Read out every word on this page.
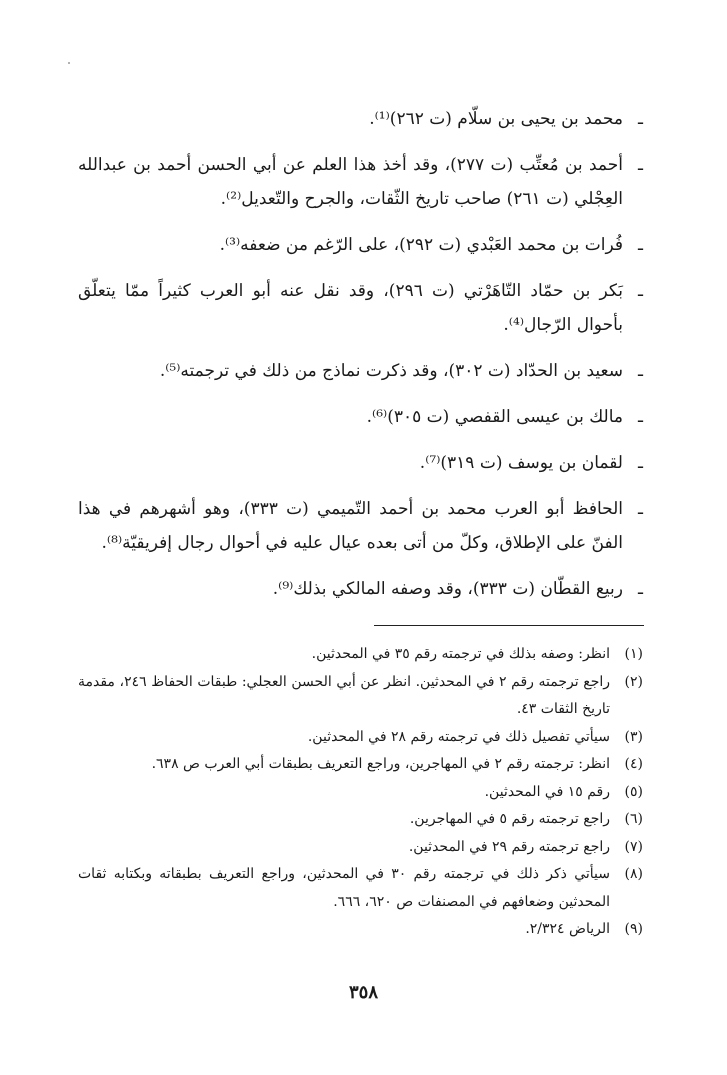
ـ
محمد بن يحيى بن سلّام (ت ٢٦٢)⁽¹⁾.
ـ
أحمد بن مُعتِّب (ت ٢٧٧)، وقد أخذ هذا العلم عن أبي الحسن أحمد بن عبدالله العِجْلي (ت ٢٦١) صاحب تاريخ الثّقات، والجرح والتّعديل⁽²⁾.
ـ
فُرات بن محمد العَبْدي (ت ٢٩٢)، على الرّغم من ضعفه⁽³⁾.
ـ
بَكر بن حمّاد التّاهَرْتي (ت ٢٩٦)، وقد نقل عنه أبو العرب كثيراً ممّا يتعلّق بأحوال الرّجال⁽⁴⁾.
ـ
سعيد بن الحدّاد (ت ٣٠٢)، وقد ذكرت نماذج من ذلك في ترجمته⁽⁵⁾.
ـ
مالك بن عيسى القفصي (ت ٣٠٥)⁽⁶⁾.
ـ
لقمان بن يوسف (ت ٣١٩)⁽⁷⁾.
ـ
الحافظ أبو العرب محمد بن أحمد التّميمي (ت ٣٣٣)، وهو أشهرهم في هذا الفنّ على الإطلاق، وكلّ من أتى بعده عيال عليه في أحوال رجال إفريقيّة⁽⁸⁾.
ـ
ربيع القطّان (ت ٣٣٣)، وقد وصفه المالكي بذلك⁽⁹⁾.
(١)
انظر: وصفه بذلك في ترجمته رقم ٣٥ في المحدثين.
(٢)
راجع ترجمته رقم ٢ في المحدثين. انظر عن أبي الحسن العجلي: طبقات الحفاظ ٢٤٦، مقدمة تاريخ الثقات ٤٣.
(٣)
سيأتي تفصيل ذلك في ترجمته رقم ٢٨ في المحدثين.
(٤)
انظر: ترجمته رقم ٢ في المهاجرين، وراجع التعريف بطبقات أبي العرب ص ٦٣٨.
(٥)
رقم ١٥ في المحدثين.
(٦)
راجع ترجمته رقم ٥ في المهاجرين.
(٧)
راجع ترجمته رقم ٢٩ في المحدثين.
(٨)
سيأتي ذكر ذلك في ترجمته رقم ٣٠ في المحدثين، وراجع التعريف بطبقاته وبكتابه ثقات المحدثين وضعافهم في المصنفات ص ٦٢٠، ٦٦٦.
(٩)
الرياض ٢/٣٢٤.
٣٥٨
